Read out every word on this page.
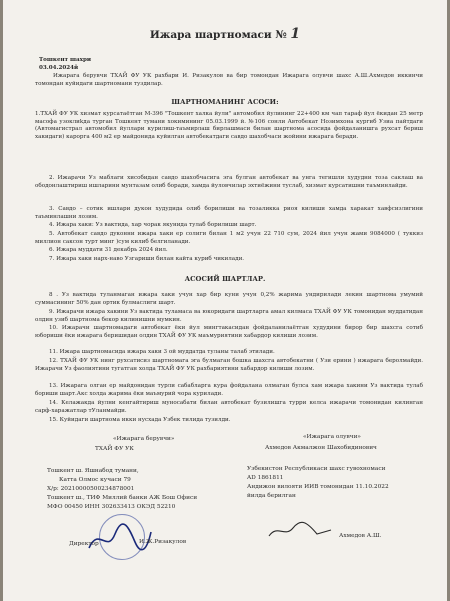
Ижара шартномаси № 1
Тошкент шахри
03.04.2024й
Ижарага берувчи ТХАЙ ФУ УК рахбари И. Ризакулов ва бир томондан Ижарага олувчи шахс А.Ш.Ахмедов иккинчи томондан куйидаги шартномани туздилар.
ШАРТНОМАНИНГ АСОСИ:
1.ТХАЙ ФУ УК хизмат курсатаётган М-396 "Тошкент халка йули" автомобил йулининг 22+400 км чап тараф йул ёкидан 25 метр масофа узоклиkда турган Тошкент тумани хокимининг 05.03.1999 й. №106 сонли Автобекат Нозимхона кургиб Узиа пайтдаги (Автомагистрал автомобил йуллари курилиш-таъмирлаш бирлашмаси билан шартнома асосида фойдаланишга рухсат бериш хакидаги) карорга 400 м2 ер майдонида куйилган автобекатдаги савдо шахобчаси жойини ижарага беради.
2. Ижарачи Уз маблаги хисобидан савдо шахобчасига эга булган автобекат ва унга тегишли худудни тоза саклаш ва ободонлаштириш ишларини мунтазам олиб боради, хамда йуловчилар эхтиёжини туслаб, хизмат курсатишни таъминлайди.
3. Савдо – сотик ишлари дукон худудида олиб борилиши ва тозаликка риоя килиши хамда харакат хавфсизлигини таъминлашни лозим.
4. Ижара хаки: Уз вактида, хар чорак якунида тулаб борилиши шарт.
5. Автобекат савдо дуконни ижара хаки ер солиги билан 1 м2 учун 22 710 сум, 2024 йил учун жами 9084000 ( туккиз миллион саксон турт минг )сум килиб белгиланади.
6. Ижара муддати 31 декабрь 2024 йил.
7. Ижара хаки нарх-наво Узгариши билан кайта куриб чикилади.
АСОСИЙ ШАРТЛАР.
8 . Уз вактида туланмаган ижара хаки учун хар бир куни учун 0,2% жарима ундирилади лекин шартнома умумий суммасининг 50% дан ортик булмаслиги шарт.
9. Ижарачи ижара хакини Уз вактида туламаса ва юкоридаги шартларга амал килмаса ТХАЙ ФУ УК томонидан муддатидан олдин узиб шартнома бекор килинишни мумкин.
10. Ижарачи шартномадаги автобекат ёки йул мингтакасидан фойдаланилаётган худудини бирор бир шахсга сотиб юбориши ёки ижарага беришидан олдин ТХАЙ ФУ УК маъмуриятини хабардор килиши лозим.
11. Ижара шартномасида ижара хаки 3 ой муддатда туланы талаб этилади.
12. ТХАЙ ФУ УК нинг рухсатисиз шартномага эга булмаган бошка шахсга автобекатни ( Узи ерини ) ижарага беролмайди. Ижарачи Уз фаолиятини тугатган холда ТХАЙ ФУ УК рахбариятини хабардор килиши лозим.
13. Ижарага олган ер майдонидан турли сабабларга кура фойдалана олмаган булса хам ижара хакини Уз вактида тулаб бориши шарт.Акс холда жарима ёки маъмурий чора курилади.
14. Келажакда йулни кенгайтириш муносабати билан автобекат бузилишга турри келса ижарачи томонидан килинган сарф-харажатлар тУланмайди.
15. Куйидаги шартнома икки нусхада Узбек тилида тузилди.
«Ижарага берувчи»
ТХАЙ ФУ УК
Тошкент ш. Яшнабод тумани,
Катта Олмос кучаси 79
Х/р: 20210000500234878001
Тошкент ш., ТИФ Миллий банки АЖ Бош Офиси
МФО 00450 ИНН 302633413 ОКЭД 52210
Директор	И.Ж.Ризакулов
«Ижарага олувчи»
Ахмедов Акмалжон Шахобидинович
Узбекистон Республикаси шахс гувохномаси
AD 1861811
Андижон вилояти ИИВ томонидан 11.10.2022
йилда берилган
Ахмедов А.Ш.
